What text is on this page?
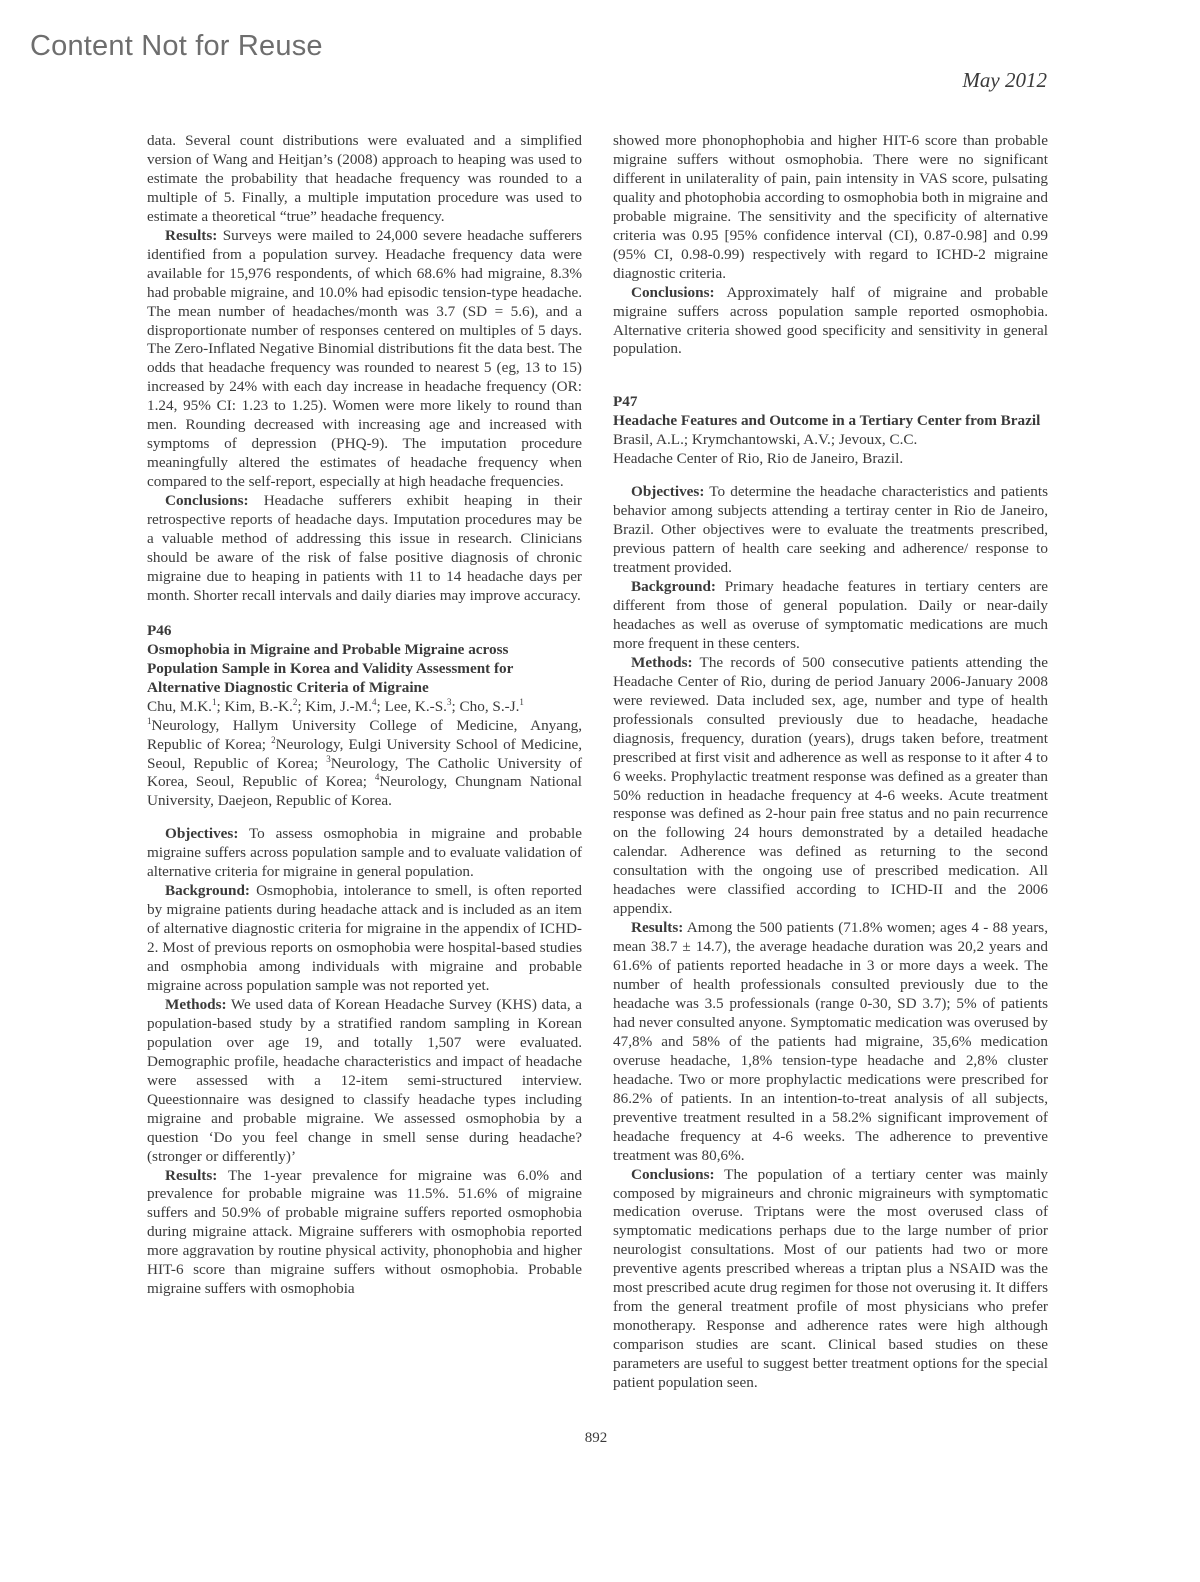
Content Not for Reuse
May 2012

data. Several count distributions were evaluated and a simplified version of Wang and Heitjan’s (2008) approach to heaping was used to estimate the probability that headache frequency was rounded to a multiple of 5. Finally, a multiple imputation procedure was used to estimate a theoretical “true” headache frequency.

Results: Surveys were mailed to 24,000 severe headache sufferers identified from a population survey. Headache frequency data were available for 15,976 respondents, of which 68.6% had migraine, 8.3% had probable migraine, and 10.0% had episodic tension-type headache. The mean number of headaches/month was 3.7 (SD = 5.6), and a disproportionate number of responses centered on multiples of 5 days. The Zero-Inflated Negative Binomial distributions fit the data best. The odds that headache frequency was rounded to nearest 5 (eg, 13 to 15) increased by 24% with each day increase in headache frequency (OR: 1.24, 95% CI: 1.23 to 1.25). Women were more likely to round than men. Rounding decreased with increasing age and increased with symptoms of depression (PHQ-9). The imputation procedure meaningfully altered the estimates of headache frequency when compared to the self-report, especially at high headache frequencies.

Conclusions: Headache sufferers exhibit heaping in their retrospective reports of headache days. Imputation procedures may be a valuable method of addressing this issue in research. Clinicians should be aware of the risk of false positive diagnosis of chronic migraine due to heaping in patients with 11 to 14 headache days per month. Shorter recall intervals and daily diaries may improve accuracy.

P46

Osmophobia in Migraine and Probable Migraine across Population Sample in Korea and Validity Assessment for Alternative Diagnostic Criteria of Migraine

Chu, M.K.$^1$; Kim, B.-K.$^2$; Kim, J.-M.$^4$; Lee, K.-S.$^3$; Cho, S.-J.$^1$

$^1$Neurology, Hallym University College of Medicine, Anyang, Republic of Korea; $^2$Neurology, Eulgi University School of Medicine, Seoul, Republic of Korea; $^3$Neurology, The Catholic University of Korea, Seoul, Republic of Korea; $^4$Neurology, Chungnam National University, Daejeon, Republic of Korea.

Objectives: To assess osmophobia in migraine and probable migraine suffers across population sample and to evaluate validation of alternative criteria for migraine in general population.

Background: Osmophobia, intolerance to smell, is often reported by migraine patients during headache attack and is included as an item of alternative diagnostic criteria for migraine in the appendix of ICHD-2. Most of previous reports on osmophobia were hospital-based studies and osmphobia among individuals with migraine and probable migraine across population sample was not reported yet.

Methods: We used data of Korean Headache Survey (KHS) data, a population-based study by a stratified random sampling in Korean population over age 19, and totally 1,507 were evaluated. Demographic profile, headache characteristics and impact of headache were assessed with a 12-item semi-structured interview. Queestionnaire was designed to classify headache types including migraine and probable migraine. We assessed osmophobia by a question ‘Do you feel change in smell sense during headache? (stronger or differently)’

Results: The 1-year prevalence for migraine was 6.0% and prevalence for probable migraine was 11.5%. 51.6% of migraine suffers and 50.9% of probable migraine suffers reported osmophobia during migraine attack. Migraine sufferers with osmophobia reported more aggravation by routine physical activity, phonophobia and higher HIT-6 score than migraine suffers without osmophobia. Probable migraine suffers with osmophobia

showed more phonophophobia and higher HIT-6 score than probable migraine suffers without osmophobia. There were no significant different in unilaterality of pain, pain intensity in VAS score, pulsating quality and photophobia according to osmophobia both in migraine and probable migraine. The sensitivity and the specificity of alternative criteria was 0.95 [95% confidence interval (CI), 0.87-0.98] and 0.99 (95% CI, 0.98-0.99) respectively with regard to ICHD-2 migraine diagnostic criteria.

Conclusions: Approximately half of migraine and probable migraine suffers across population sample reported osmophobia. Alternative criteria showed good specificity and sensitivity in general population.

P47

Headache Features and Outcome in a Tertiary Center from Brazil

Brasil, A.L.; Krymchantowski, A.V.; Jevoux, C.C.

Headache Center of Rio, Rio de Janeiro, Brazil.

Objectives: To determine the headache characteristics and patients behavior among subjects attending a tertiray center in Rio de Janeiro, Brazil. Other objectives were to evaluate the treatments prescribed, previous pattern of health care seeking and adherence/ response to treatment provided.

Background: Primary headache features in tertiary centers are different from those of general population. Daily or near-daily headaches as well as overuse of symptomatic medications are much more frequent in these centers.

Methods: The records of 500 consecutive patients attending the Headache Center of Rio, during de period January 2006-January 2008 were reviewed. Data included sex, age, number and type of health professionals consulted previously due to headache, headache diagnosis, frequency, duration (years), drugs taken before, treatment prescribed at first visit and adherence as well as response to it after 4 to 6 weeks. Prophylactic treatment response was defined as a greater than 50% reduction in headache frequency at 4-6 weeks. Acute treatment response was defined as 2-hour pain free status and no pain recurrence on the following 24 hours demonstrated by a detailed headache calendar. Adherence was defined as returning to the second consultation with the ongoing use of prescribed medication. All headaches were classified according to ICHD-II and the 2006 appendix.

Results: Among the 500 patients (71.8% women; ages 4 - 88 years, mean 38.7 ± 14.7), the average headache duration was 20,2 years and 61.6% of patients reported headache in 3 or more days a week. The number of health professionals consulted previously due to the headache was 3.5 professionals (range 0-30, SD 3.7); 5% of patients had never consulted anyone. Symptomatic medication was overused by 47,8% and 58% of the patients had migraine, 35,6% medication overuse headache, 1,8% tension-type headache and 2,8% cluster headache. Two or more prophylactic medications were prescribed for 86.2% of patients. In an intention-to-treat analysis of all subjects, preventive treatment resulted in a 58.2% significant improvement of headache frequency at 4-6 weeks. The adherence to preventive treatment was 80,6%.

Conclusions: The population of a tertiary center was mainly composed by migraineurs and chronic migraineurs with symptomatic medication overuse. Triptans were the most overused class of symptomatic medications perhaps due to the large number of prior neurologist consultations. Most of our patients had two or more preventive agents prescribed whereas a triptan plus a NSAID was the most prescribed acute drug regimen for those not overusing it. It differs from the general treatment profile of most physicians who prefer monotherapy. Response and adherence rates were high although comparison studies are scant. Clinical based studies on these parameters are useful to suggest better treatment options for the special patient population seen.

892
